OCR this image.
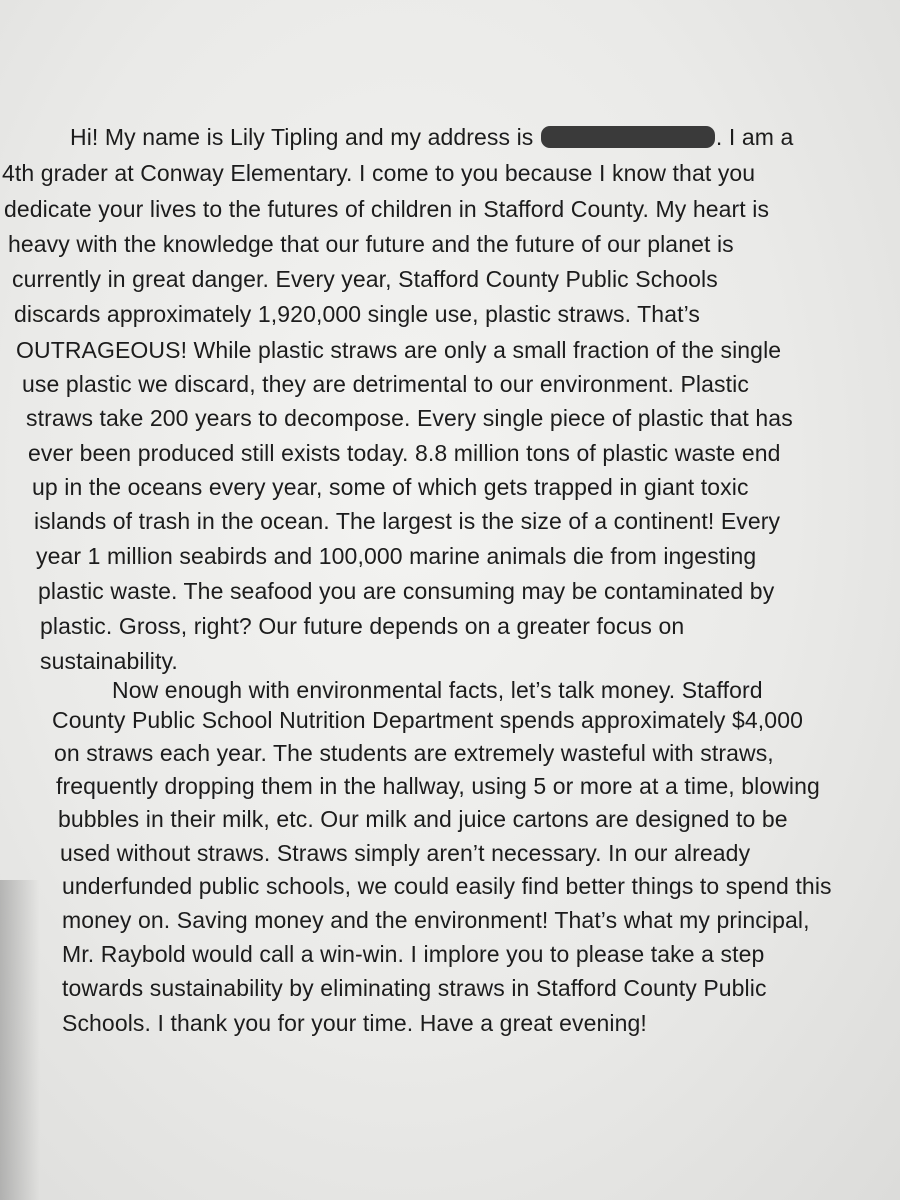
Hi! My name is Lily Tipling and my address is	. I am a
4th grader at Conway Elementary. I come to you because I know that you
dedicate your lives to the futures of children in Stafford County. My heart is
heavy with the knowledge that our future and the future of our planet is
currently in great danger. Every year, Stafford County Public Schools
discards approximately 1,920,000 single use, plastic straws. That’s
OUTRAGEOUS! While plastic straws are only a small fraction of the single
use plastic we discard, they are detrimental to our environment. Plastic
straws take 200 years to decompose. Every single piece of plastic that has
ever been produced still exists today. 8.8 million tons of plastic waste end
up in the oceans every year, some of which gets trapped in giant toxic
islands of trash in the ocean. The largest is the size of a continent! Every
year 1 million seabirds and 100,000 marine animals die from ingesting
plastic waste. The seafood you are consuming may be contaminated by
plastic. Gross, right? Our future depends on a greater focus on
sustainability.
Now enough with environmental facts, let’s talk money. Stafford
County Public School Nutrition Department spends approximately $4,000
on straws each year. The students are extremely wasteful with straws,
frequently dropping them in the hallway, using 5 or more at a time, blowing
bubbles in their milk, etc. Our milk and juice cartons are designed to be
used without straws. Straws simply aren’t necessary. In our already
underfunded public schools, we could easily find better things to spend this
money on. Saving money and the environment! That’s what my principal,
Mr. Raybold would call a win-win. I implore you to please take a step
towards sustainability by eliminating straws in Stafford County Public
Schools. I thank you for your time. Have a great evening!
